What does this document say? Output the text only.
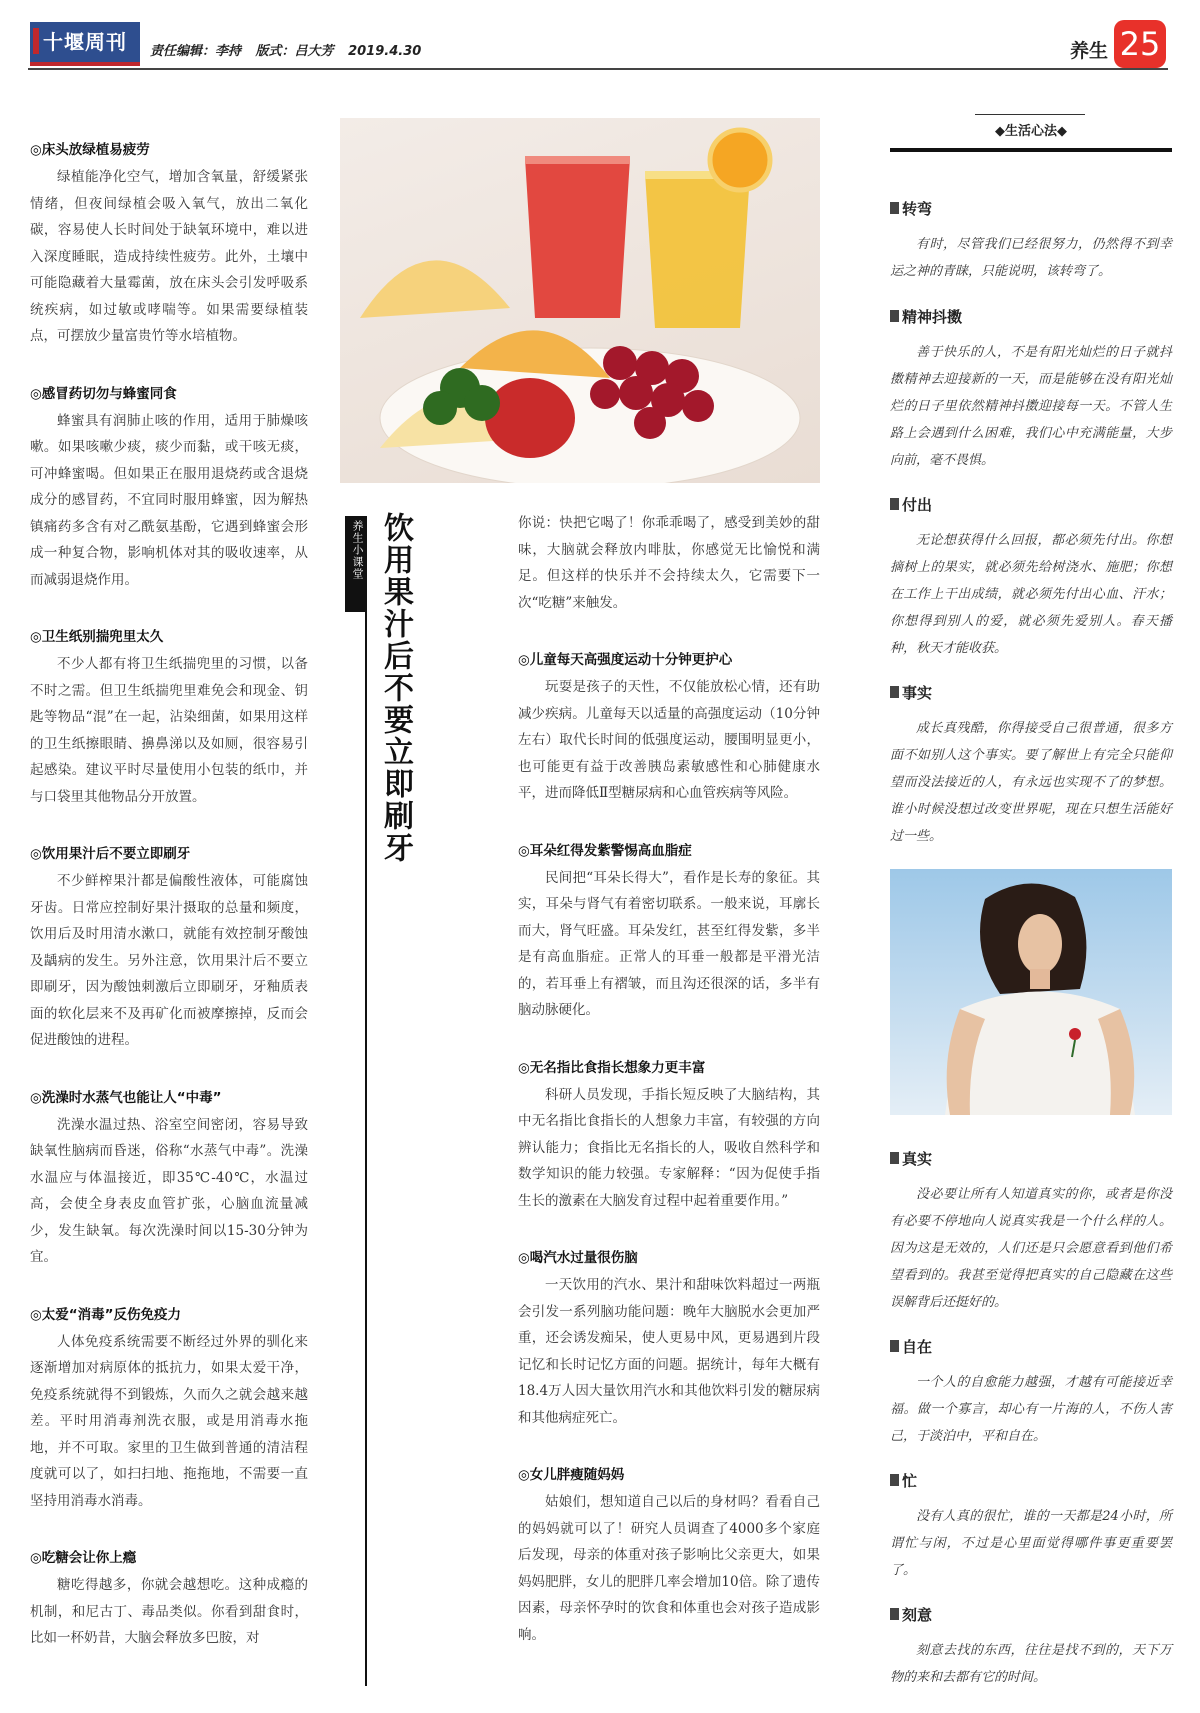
十堰周刊	责任编辑：李持 版式：吕大芳 2019.4.30	养生 25

◎床头放绿植易疲劳

绿植能净化空气，增加含氧量，舒缓紧张情绪，但夜间绿植会吸入氧气，放出二氧化碳，容易使人长时间处于缺氧环境中，难以进入深度睡眠，造成持续性疲劳。此外，土壤中可能隐藏着大量霉菌，放在床头会引发呼吸系统疾病，如过敏或哮喘等。如果需要绿植装点，可摆放少量富贵竹等水培植物。

◎感冒药切勿与蜂蜜同食

蜂蜜具有润肺止咳的作用，适用于肺燥咳嗽。如果咳嗽少痰，痰少而黏，或干咳无痰，可冲蜂蜜喝。但如果正在服用退烧药或含退烧成分的感冒药，不宜同时服用蜂蜜，因为解热镇痛药多含有对乙酰氨基酚，它遇到蜂蜜会形成一种复合物，影响机体对其的吸收速率，从而减弱退烧作用。

◎卫生纸别揣兜里太久

不少人都有将卫生纸揣兜里的习惯，以备不时之需。但卫生纸揣兜里难免会和现金、钥匙等物品“混”在一起，沾染细菌，如果用这样的卫生纸擦眼睛、擤鼻涕以及如厕，很容易引起感染。建议平时尽量使用小包装的纸巾，并与口袋里其他物品分开放置。

◎饮用果汁后不要立即刷牙

不少鲜榨果汁都是偏酸性液体，可能腐蚀牙齿。日常应控制好果汁摄取的总量和频度，饮用后及时用清水漱口，就能有效控制牙酸蚀及龋病的发生。另外注意，饮用果汁后不要立即刷牙，因为酸蚀刺激后立即刷牙，牙釉质表面的软化层来不及再矿化而被摩擦掉，反而会促进酸蚀的进程。

◎洗澡时水蒸气也能让人“中毒”

洗澡水温过热、浴室空间密闭，容易导致缺氧性脑病而昏迷，俗称“水蒸气中毒”。洗澡水温应与体温接近，即35℃-40℃，水温过高，会使全身表皮血管扩张，心脑血流量减少，发生缺氧。每次洗澡时间以15-30分钟为宜。

◎太爱“消毒”反伤免疫力

人体免疫系统需要不断经过外界的驯化来逐渐增加对病原体的抵抗力，如果太爱干净，免疫系统就得不到锻炼，久而久之就会越来越差。平时用消毒剂洗衣服，或是用消毒水拖地，并不可取。家里的卫生做到普通的清洁程度就可以了，如扫扫地、拖拖地，不需要一直坚持用消毒水消毒。

◎吃糖会让你上瘾

糖吃得越多，你就会越想吃。这种成瘾的机制，和尼古丁、毒品类似。你看到甜食时，比如一杯奶昔，大脑会释放多巴胺，对

养生小课堂 饮用果汁后不要立即刷牙	你说：快把它喝了！你乖乖喝了，感受到美妙的甜味，大脑就会释放内啡肽，你感觉无比愉悦和满足。但这样的快乐并不会持续太久，它需要下一次“吃糖”来触发。

◎儿童每天高强度运动十分钟更护心

玩耍是孩子的天性，不仅能放松心情，还有助减少疾病。儿童每天以适量的高强度运动（10分钟左右）取代长时间的低强度运动，腰围明显更小，也可能更有益于改善胰岛素敏感性和心肺健康水平，进而降低Ⅱ型糖尿病和心血管疾病等风险。

◎耳朵红得发紫警惕高血脂症

民间把“耳朵长得大”，看作是长寿的象征。其实，耳朵与肾气有着密切联系。一般来说，耳廓长而大，肾气旺盛。耳朵发红，甚至红得发紫，多半是有高血脂症。正常人的耳垂一般都是平滑光洁的，若耳垂上有褶皱，而且沟还很深的话，多半有脑动脉硬化。

◎无名指比食指长想象力更丰富

科研人员发现，手指长短反映了大脑结构，其中无名指比食指长的人想象力丰富，有较强的方向辨认能力；食指比无名指长的人，吸收自然科学和数学知识的能力较强。专家解释：“因为促使手指生长的激素在大脑发育过程中起着重要作用。”

◎喝汽水过量很伤脑

一天饮用的汽水、果汁和甜味饮料超过一两瓶会引发一系列脑功能问题：晚年大脑脱水会更加严重，还会诱发痴呆，使人更易中风，更易遇到片段记忆和长时记忆方面的问题。据统计，每年大概有18.4万人因大量饮用汽水和其他饮料引发的糖尿病和其他病症死亡。

◎女儿胖瘦随妈妈

姑娘们，想知道自己以后的身材吗？看看自己的妈妈就可以了！研究人员调查了4000多个家庭后发现，母亲的体重对孩子影响比父亲更大，如果妈妈肥胖，女儿的肥胖几率会增加10倍。除了遗传因素，母亲怀孕时的饮食和体重也会对孩子造成影响。

◆生活心法◆

转弯

有时，尽管我们已经很努力，仍然得不到幸运之神的青睐，只能说明，该转弯了。

精神抖擞

善于快乐的人，不是有阳光灿烂的日子就抖擞精神去迎接新的一天，而是能够在没有阳光灿烂的日子里依然精神抖擞迎接每一天。不管人生路上会遇到什么困难，我们心中充满能量，大步向前，毫不畏惧。

付出

无论想获得什么回报，都必须先付出。你想摘树上的果实，就必须先给树浇水、施肥；你想在工作上干出成绩，就必须先付出心血、汗水；你想得到别人的爱，就必须先爱别人。春天播种，秋天才能收获。

事实

成长真残酷，你得接受自己很普通，很多方面不如别人这个事实。要了解世上有完全只能仰望而没法接近的人，有永远也实现不了的梦想。谁小时候没想过改变世界呢，现在只想生活能好过一些。

真实

没必要让所有人知道真实的你，或者是你没有必要不停地向人说真实我是一个什么样的人。因为这是无效的，人们还是只会愿意看到他们希望看到的。我甚至觉得把真实的自己隐藏在这些误解背后还挺好的。

自在

一个人的自愈能力越强，才越有可能接近幸福。做一个寡言，却心有一片海的人，不伤人害己，于淡泊中，平和自在。

忙

没有人真的很忙，谁的一天都是24小时，所谓忙与闲，不过是心里面觉得哪件事更重要罢了。

刻意

刻意去找的东西，往往是找不到的，天下万物的来和去都有它的时间。
